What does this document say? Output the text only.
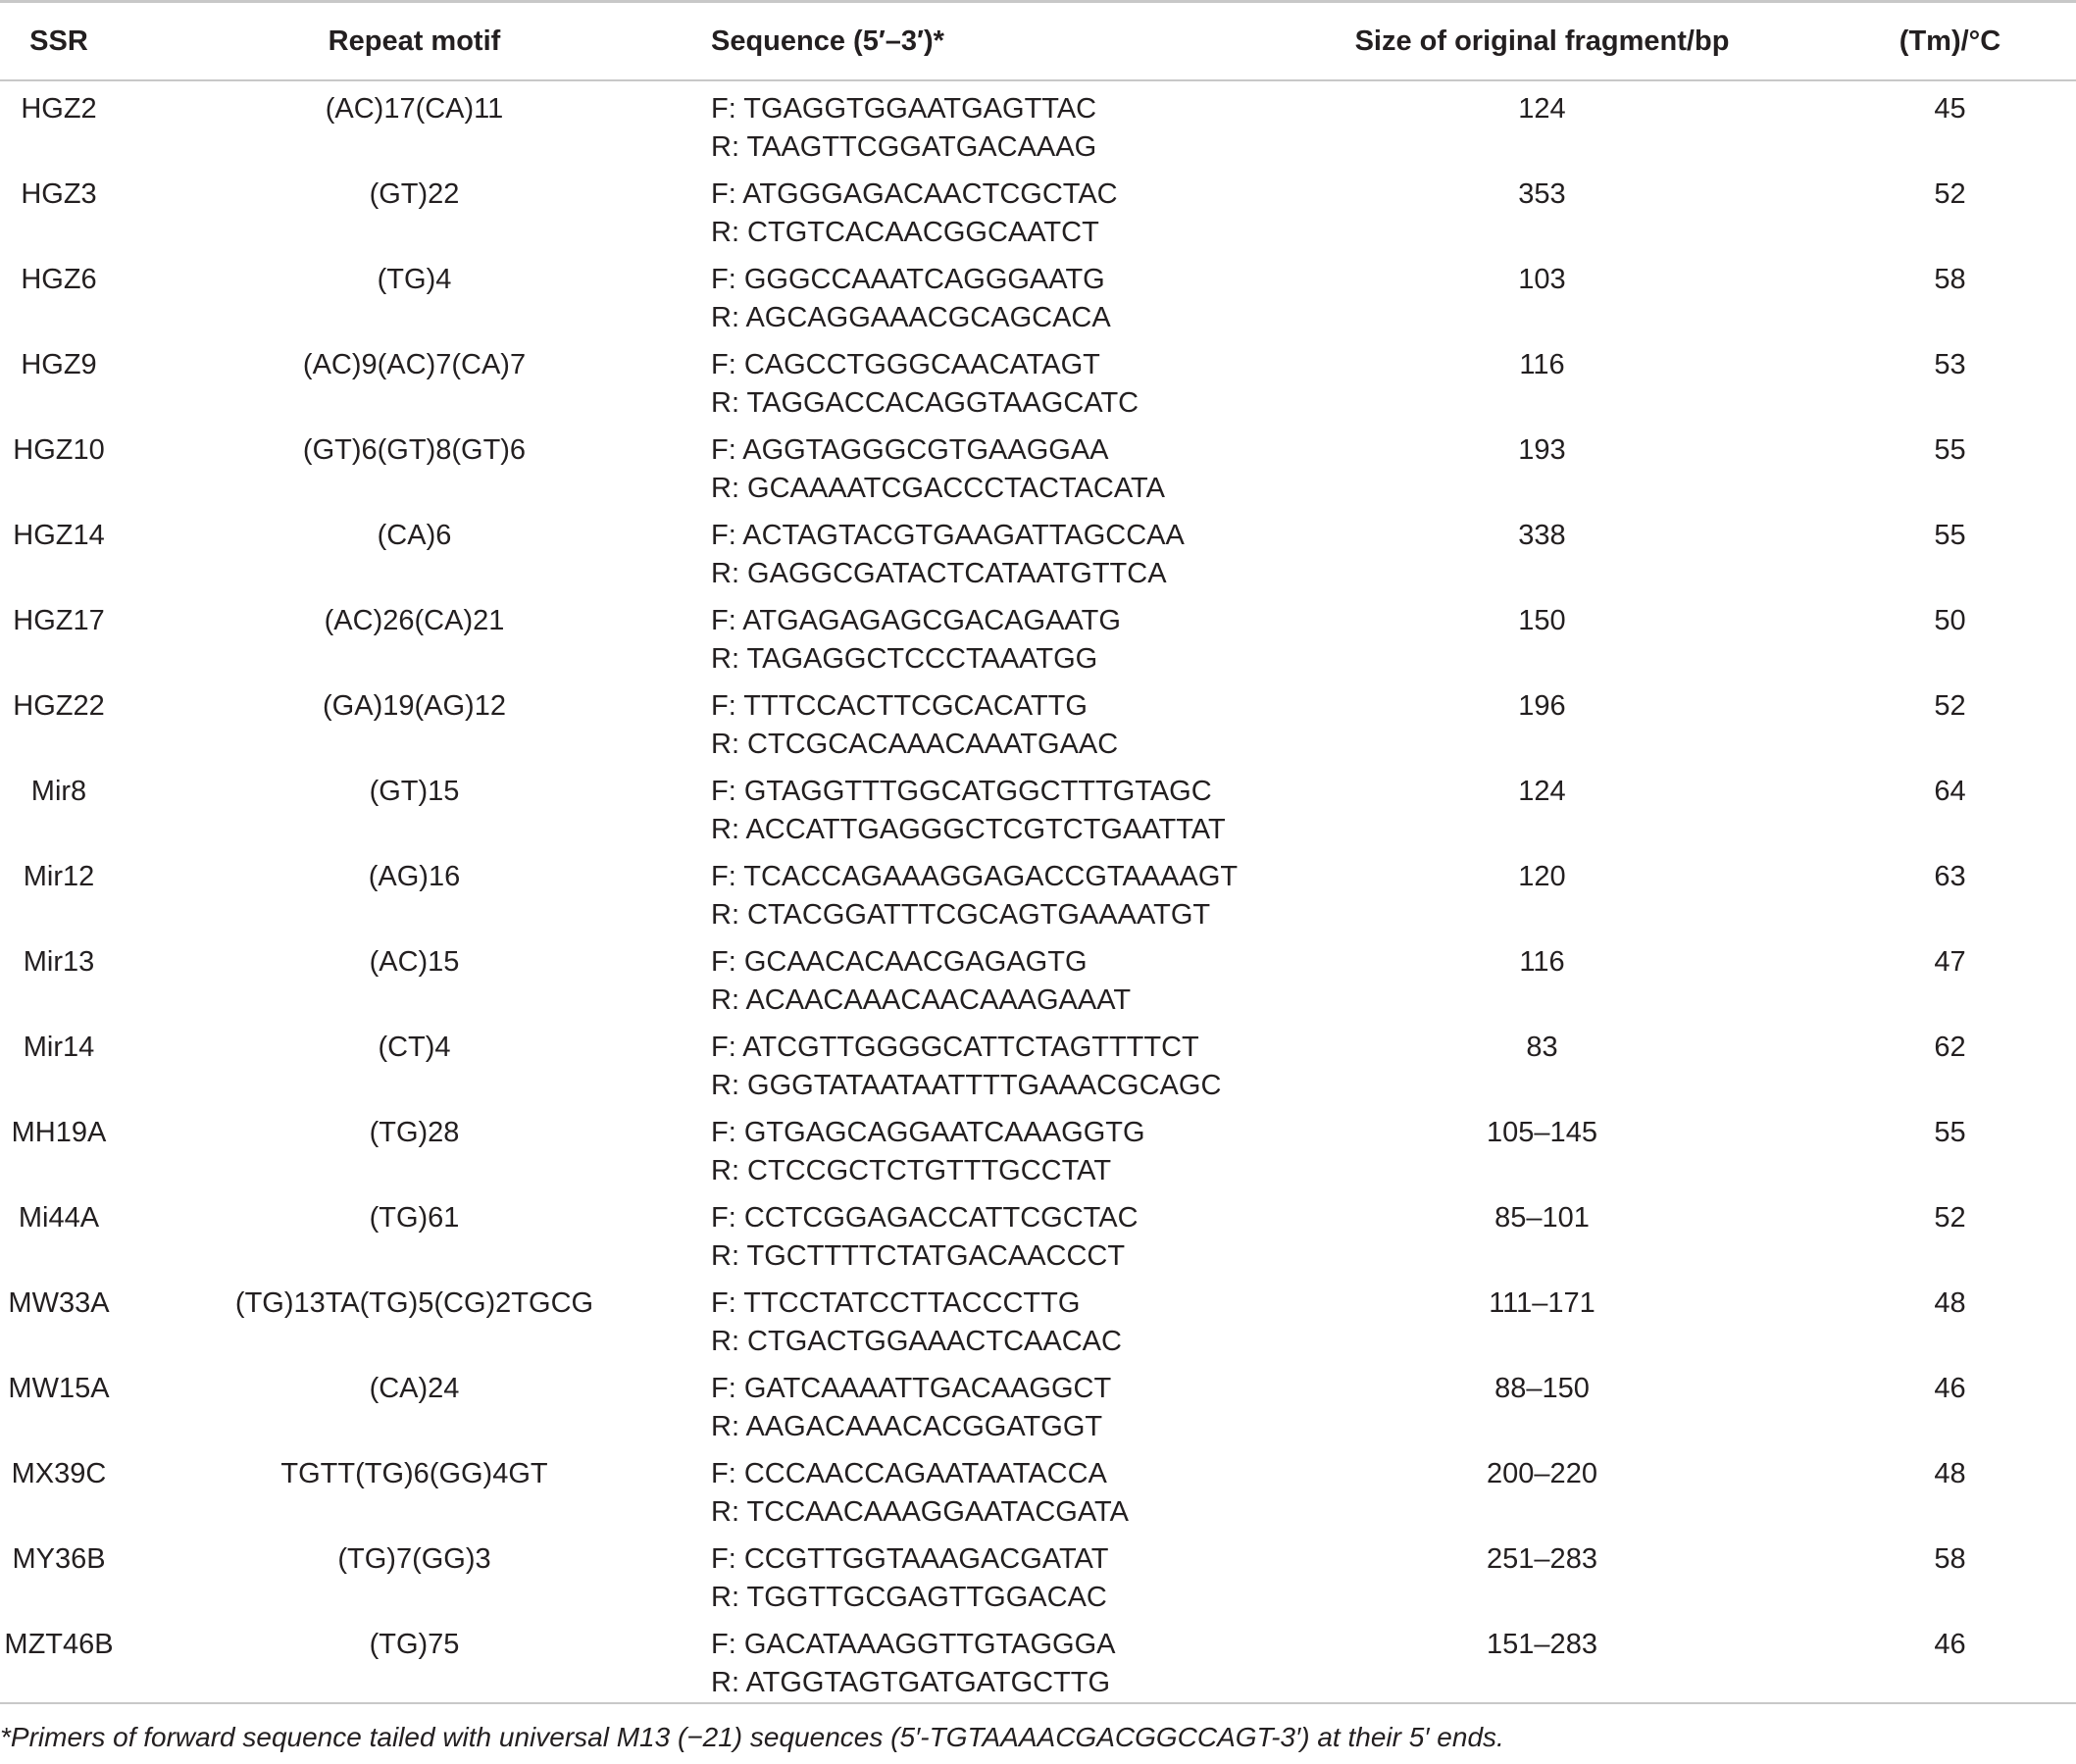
SSR	Repeat motif	Sequence (5′–3′)*	Size of original fragment/bp	(Tm)/°C
HGZ2	(AC)17(CA)11	F: TGAGGTGGAATGAGTTAC
R: TAAGTTCGGATGACAAAG	124	45
HGZ3	(GT)22	F: ATGGGAGACAACTCGCTAC
R: CTGTCACAACGGCAATCT	353	52
HGZ6	(TG)4	F: GGGCCAAATCAGGGAATG
R: AGCAGGAAACGCAGCACA	103	58
HGZ9	(AC)9(AC)7(CA)7	F: CAGCCTGGGCAACATAGT
R: TAGGACCACAGGTAAGCATC	116	53
HGZ10	(GT)6(GT)8(GT)6	F: AGGTAGGGCGTGAAGGAA
R: GCAAAATCGACCCTACTACATA	193	55
HGZ14	(CA)6	F: ACTAGTACGTGAAGATTAGCCAA
R: GAGGCGATACTCATAATGTTCA	338	55
HGZ17	(AC)26(CA)21	F: ATGAGAGAGCGACAGAATG
R: TAGAGGCTCCCTAAATGG	150	50
HGZ22	(GA)19(AG)12	F: TTTCCACTTCGCACATTG
R: CTCGCACAAACAAATGAAC	196	52
Mir8	(GT)15	F: GTAGGTTTGGCATGGCTTTGTAGC
R: ACCATTGAGGGCTCGTCTGAATTAT	124	64
Mir12	(AG)16	F: TCACCAGAAAGGAGACCGTAAAAGT
R: CTACGGATTTCGCAGTGAAAATGT	120	63
Mir13	(AC)15	F: GCAACACAACGAGAGTG
R: ACAACAAACAACAAAGAAAT	116	47
Mir14	(CT)4	F: ATCGTTGGGGCATTCTAGTTTTCT
R: GGGTATAATAATTTTGAAACGCAGC	83	62
MH19A	(TG)28	F: GTGAGCAGGAATCAAAGGTG
R: CTCCGCTCTGTTTGCCTAT	105–145	55
Mi44A	(TG)61	F: CCTCGGAGACCATTCGCTAC
R: TGCTTTTCTATGACAACCCT	85–101	52
MW33A	(TG)13TA(TG)5(CG)2TGCG	F: TTCCTATCCTTACCCTTG
R: CTGACTGGAAACTCAACAC	111–171	48
MW15A	(CA)24	F: GATCAAAATTGACAAGGCT
R: AAGACAAACACGGATGGT	88–150	46
MX39C	TGTT(TG)6(GG)4GT	F: CCCAACCAGAATAATACCA
R: TCCAACAAAGGAATACGATA	200–220	48
MY36B	(TG)7(GG)3	F: CCGTTGGTAAAGACGATAT
R: TGGTTGCGAGTTGGACAC	251–283	58
MZT46B	(TG)75	F: GACATAAAGGTTGTAGGGA
R: ATGGTAGTGATGATGCTTG	151–283	46
*Primers of forward sequence tailed with universal M13 (−21) sequences (5′-TGTAAAACGACGGCCAGT-3′) at their 5′ ends.
